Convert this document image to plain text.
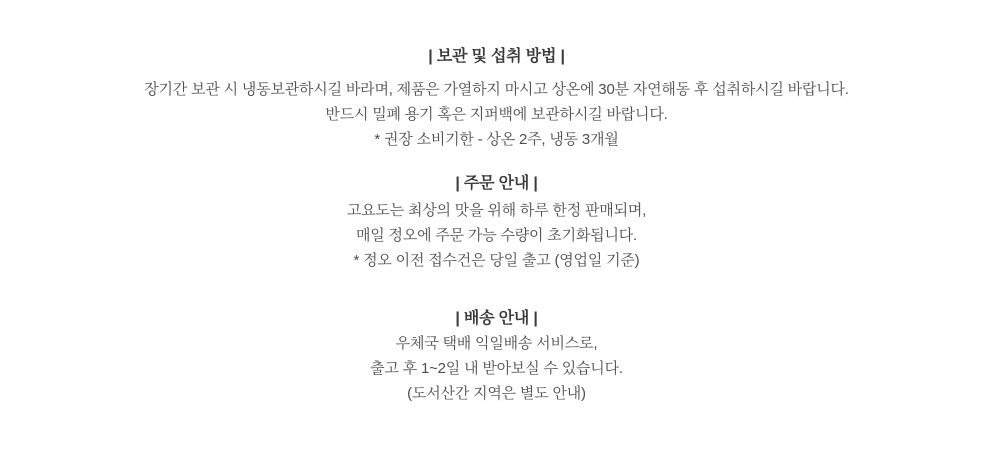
| 보관 및 섭취 방법 |

장기간 보관 시 냉동보관하시길 바라며, 제품은 가열하지 마시고 상온에 30분 자연해동 후 섭취하시길 바랍니다.

반드시 밀폐 용기 혹은 지퍼백에 보관하시길 바랍니다.

* 권장 소비기한 - 상온 2주, 냉동 3개월

| 주문 안내 |

고요도는 최상의 맛을 위해 하루 한정 판매되며,

매일 정오에 주문 가능 수량이 초기화됩니다.

* 정오 이전 접수건은 당일 출고 (영업일 기준)

| 배송 안내 |

우체국 택배 익일배송 서비스로,

출고 후 1~2일 내 받아보실 수 있습니다.

(도서산간 지역은 별도 안내)
